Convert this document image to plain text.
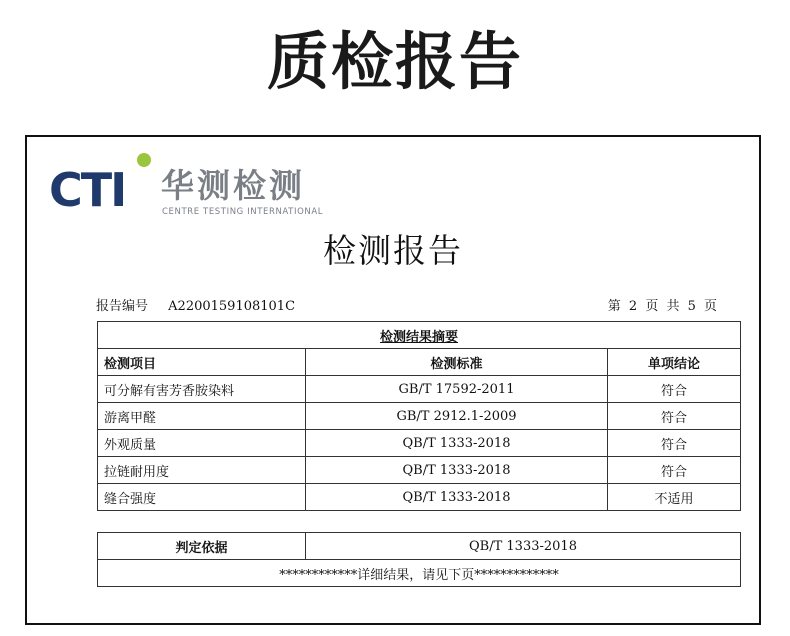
质检报告
CTI 华测检测
CENTRE TESTING INTERNATIONAL
检测报告
报告编号 A2200159108101C	第 2 页 共 5 页
检测结果摘要		
检测项目	检测标准	单项结论
可分解有害芳香胺染料	GB/T 17592-2011	符合
游离甲醛	GB/T 2912.1-2009	符合
外观质量	QB/T 1333-2018	符合
拉链耐用度	QB/T 1333-2018	符合
缝合强度	QB/T 1333-2018	不适用
判定依据	QB/T 1333-2018
************详细结果，请见下页*************
